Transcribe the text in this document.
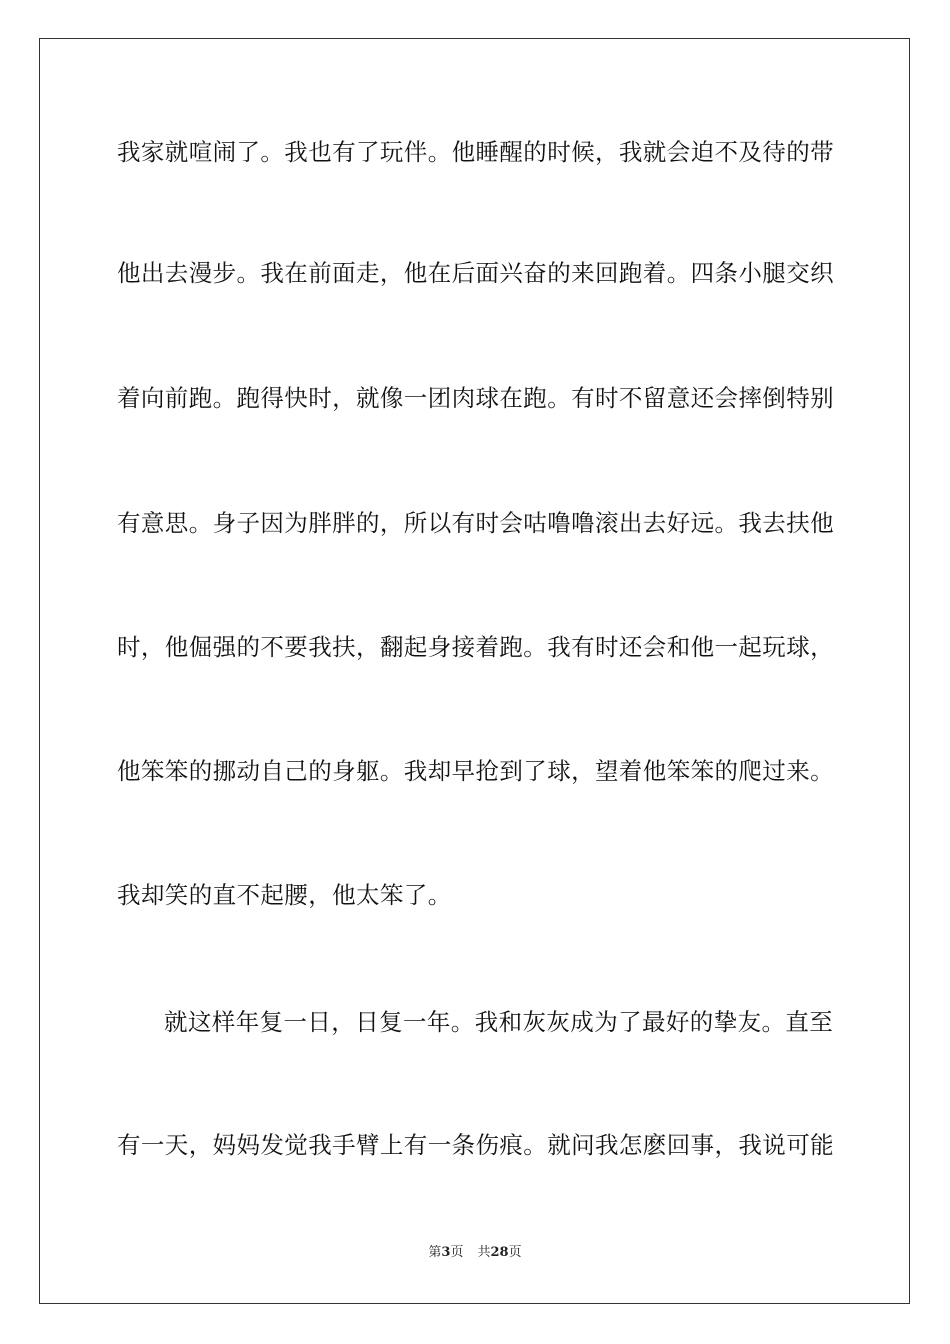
我家就喧闹了。我也有了玩伴。他睡醒的时候，我就会迫不及待的带
他出去漫步。我在前面走，他在后面兴奋的来回跑着。四条小腿交织
着向前跑。跑得快时，就像一团肉球在跑。有时不留意还会摔倒特别
有意思。身子因为胖胖的，所以有时会咕噜噜滚出去好远。我去扶他
时，他倔强的不要我扶，翻起身接着跑。我有时还会和他一起玩球，
他笨笨的挪动自己的身躯。我却早抢到了球，望着他笨笨的爬过来。
我却笑的直不起腰，他太笨了。
就这样年复一日，日复一年。我和灰灰成为了最好的挚友。直至
有一天，妈妈发觉我手臂上有一条伤痕。就问我怎麽回事，我说可能
第3页 共28页
